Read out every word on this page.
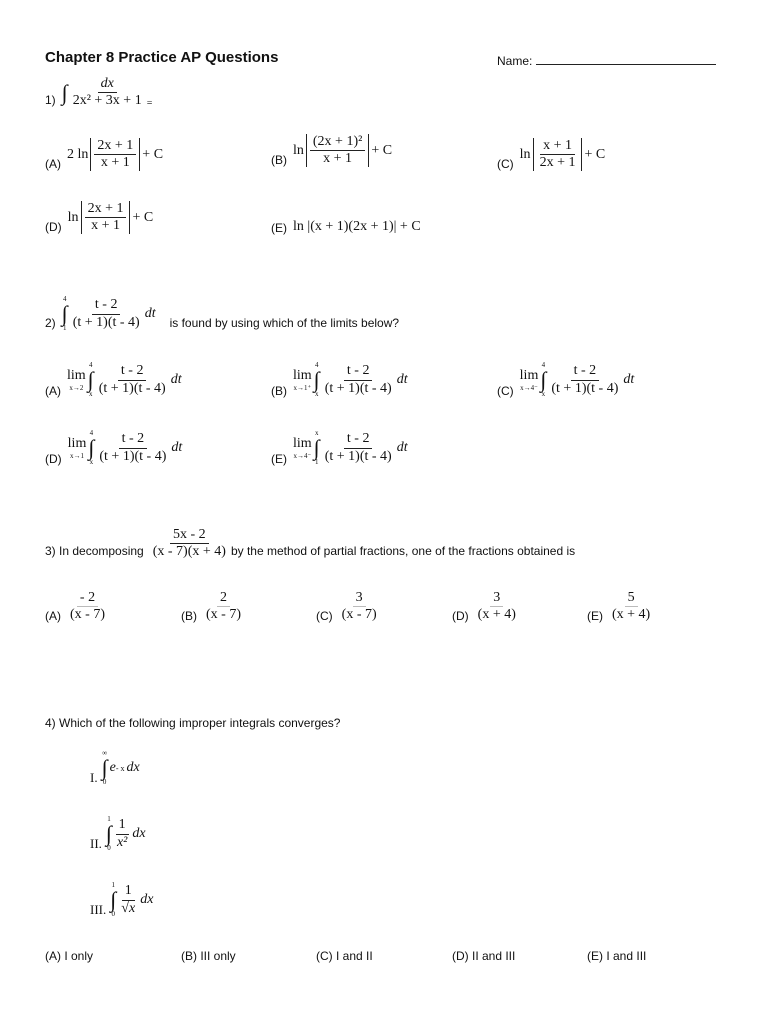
Chapter 8 Practice AP Questions	Name:
1) ∫ $\frac{dx}{\text{2x² + 3x + 1}}$ =
(A)
2 $\ln \frac{2x + 1}{x + 1} + C$	(B)
$\ln \frac{\text{(2x + 1)²}}{x + 1} + C$
(C)
$\ln \frac{x + 1}{2x + 1} + C$
(D)
$\ln \frac{2x + 1}{x + 1} + C$
(E) ln |(x + 1)(2x + 1)| + C
2)
4
∫
$1 \frac{t - 2}{(t + 1)(t - 4)}$ dt
is found by using which of the limits below?
(A)
lim
x→2
4
∫
x $\frac{t - 2}{(t + 1)(t - 4)}$ dt
(B)
lim
x→1⁺
4
∫
x $\frac{t - 2}{(t + 1)(t - 4)}$ dt
(C)
lim
x→4⁻
4
∫
x $\frac{t - 2}{(t + 1)(t - 4)}$ dt
(D)
lim
x→1
4
∫
x $\frac{t - 2}{(t + 1)(t - 4)}$ dt
(E)
lim
x→4⁻
x
∫
$1 \frac{t - 2}{(t + 1)(t - 4)}$ dt
3) In decomposing $\frac{5x - 2}{(x - 7)(x + 4)}$ by the method of partial fractions, one of the fractions obtained is
$(A) \frac{- 2}{(x - 7)}$	$(B) \frac{2}{(x - 7)}$	$(C) \frac{3}{(x - 7)}$	$(D) \frac{3}{(x + 4)}$	$(E) \frac{5}{(x + 4)}$
4) Which of the following improper integrals converges?
I.
∞
∫
0
e - x dx
II.
1
∫
$0 \frac{1}{\text{x²}}$ dx
III.
1
∫
$0 \frac{1}{√x}$ dx
(A) I only	(B) III only	(C) I and II	(D) II and III	(E) I and III
